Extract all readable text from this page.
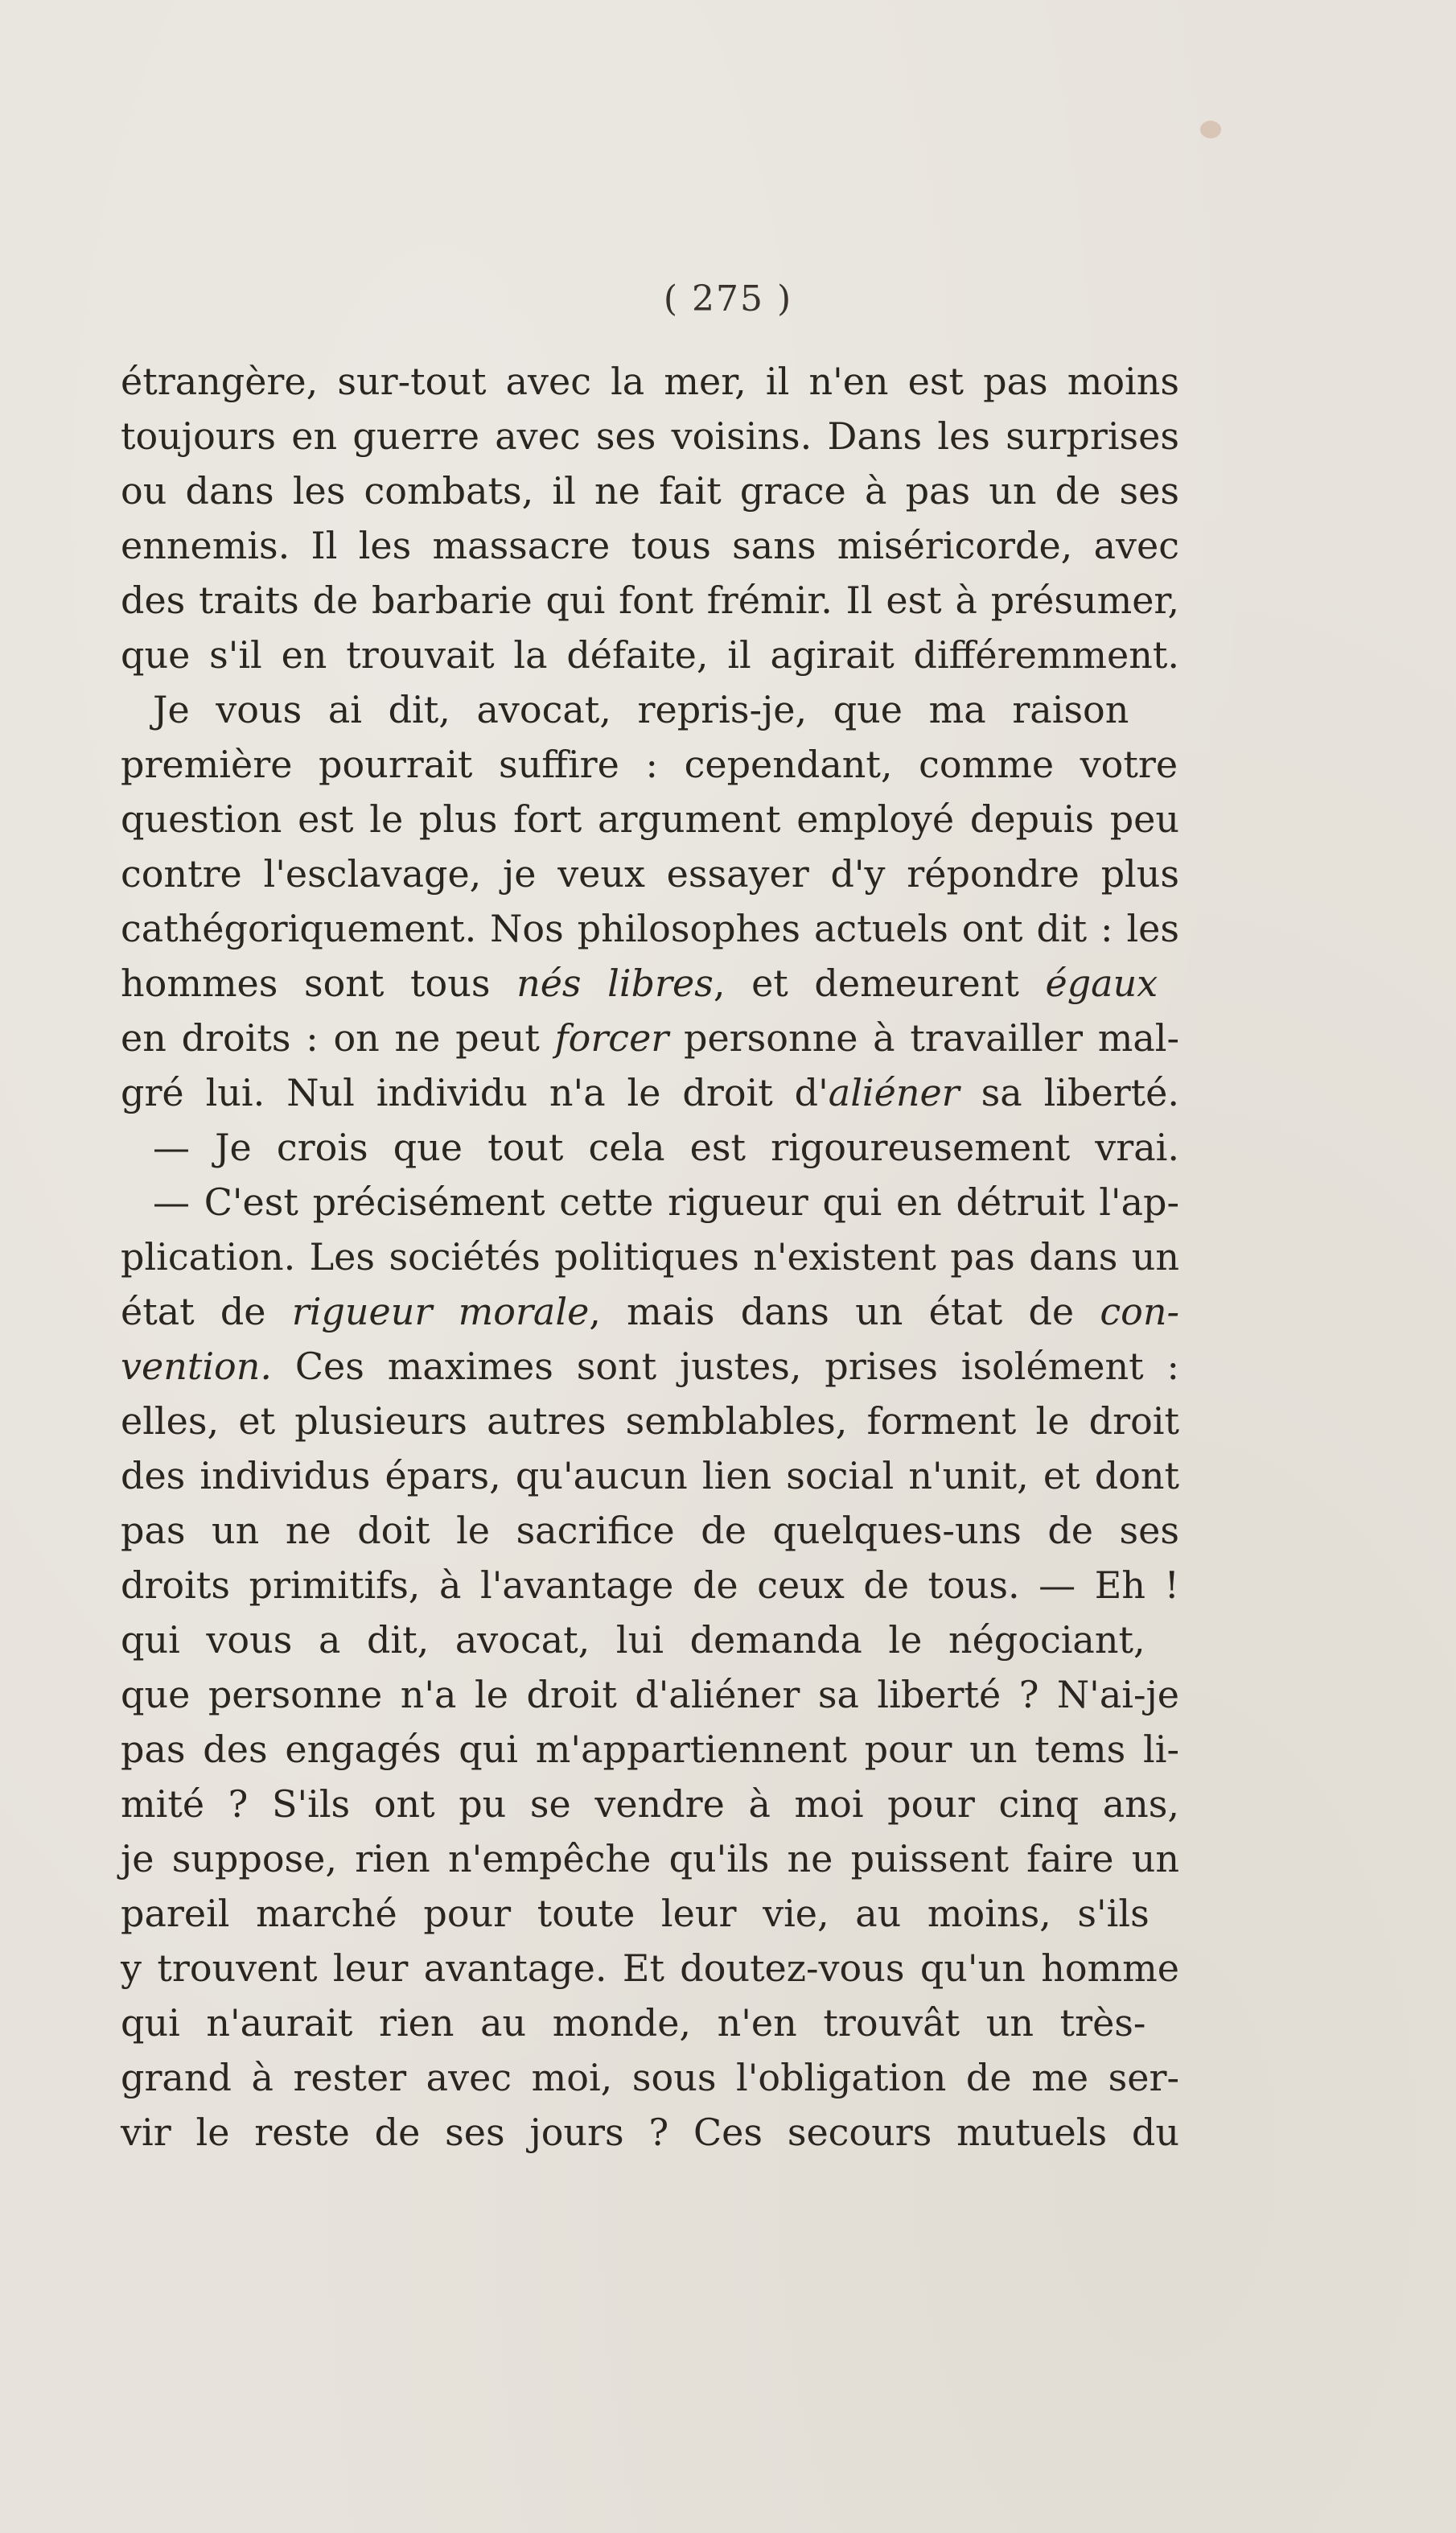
( 275 )
étrangère, sur-tout avec la mer, il n'en est pas moins
toujours en guerre avec ses voisins. Dans les surprises
ou dans les combats, il ne fait grace à pas un de ses
ennemis. Il les massacre tous sans miséricorde, avec
des traits de barbarie qui font frémir. Il est à présumer,
que s'il en trouvait la défaite, il agirait différemment.
Je vous ai dit, avocat, repris-je, que ma raison
première pourrait suffire : cependant, comme votre
question est le plus fort argument employé depuis peu
contre l'esclavage, je veux essayer d'y répondre plus
cathégoriquement. Nos philosophes actuels ont dit : les
hommes sont tous nés libres , et demeurent égaux
en droits : on ne peut forcer personne à travailler mal-
gré lui. Nul individu n'a le droit d' aliéner sa liberté.
— Je crois que tout cela est rigoureusement vrai.
— C'est précisément cette rigueur qui en détruit l'ap-
plication. Les sociétés politiques n'existent pas dans un
état de rigueur morale , mais dans un état de con-
vention. Ces maximes sont justes, prises isolément :
elles, et plusieurs autres semblables, forment le droit
des individus épars, qu'aucun lien social n'unit, et dont
pas un ne doit le sacrifice de quelques-uns de ses
droits primitifs, à l'avantage de ceux de tous. — Eh !
qui vous a dit, avocat, lui demanda le négociant,
que personne n'a le droit d'aliéner sa liberté ? N'ai-je
pas des engagés qui m'appartiennent pour un tems li-
mité ? S'ils ont pu se vendre à moi pour cinq ans,
je suppose, rien n'empêche qu'ils ne puissent faire un
pareil marché pour toute leur vie, au moins, s'ils
y trouvent leur avantage. Et doutez-vous qu'un homme
qui n'aurait rien au monde, n'en trouvât un très-
grand à rester avec moi, sous l'obligation de me ser-
vir le reste de ses jours ? Ces secours mutuels du
